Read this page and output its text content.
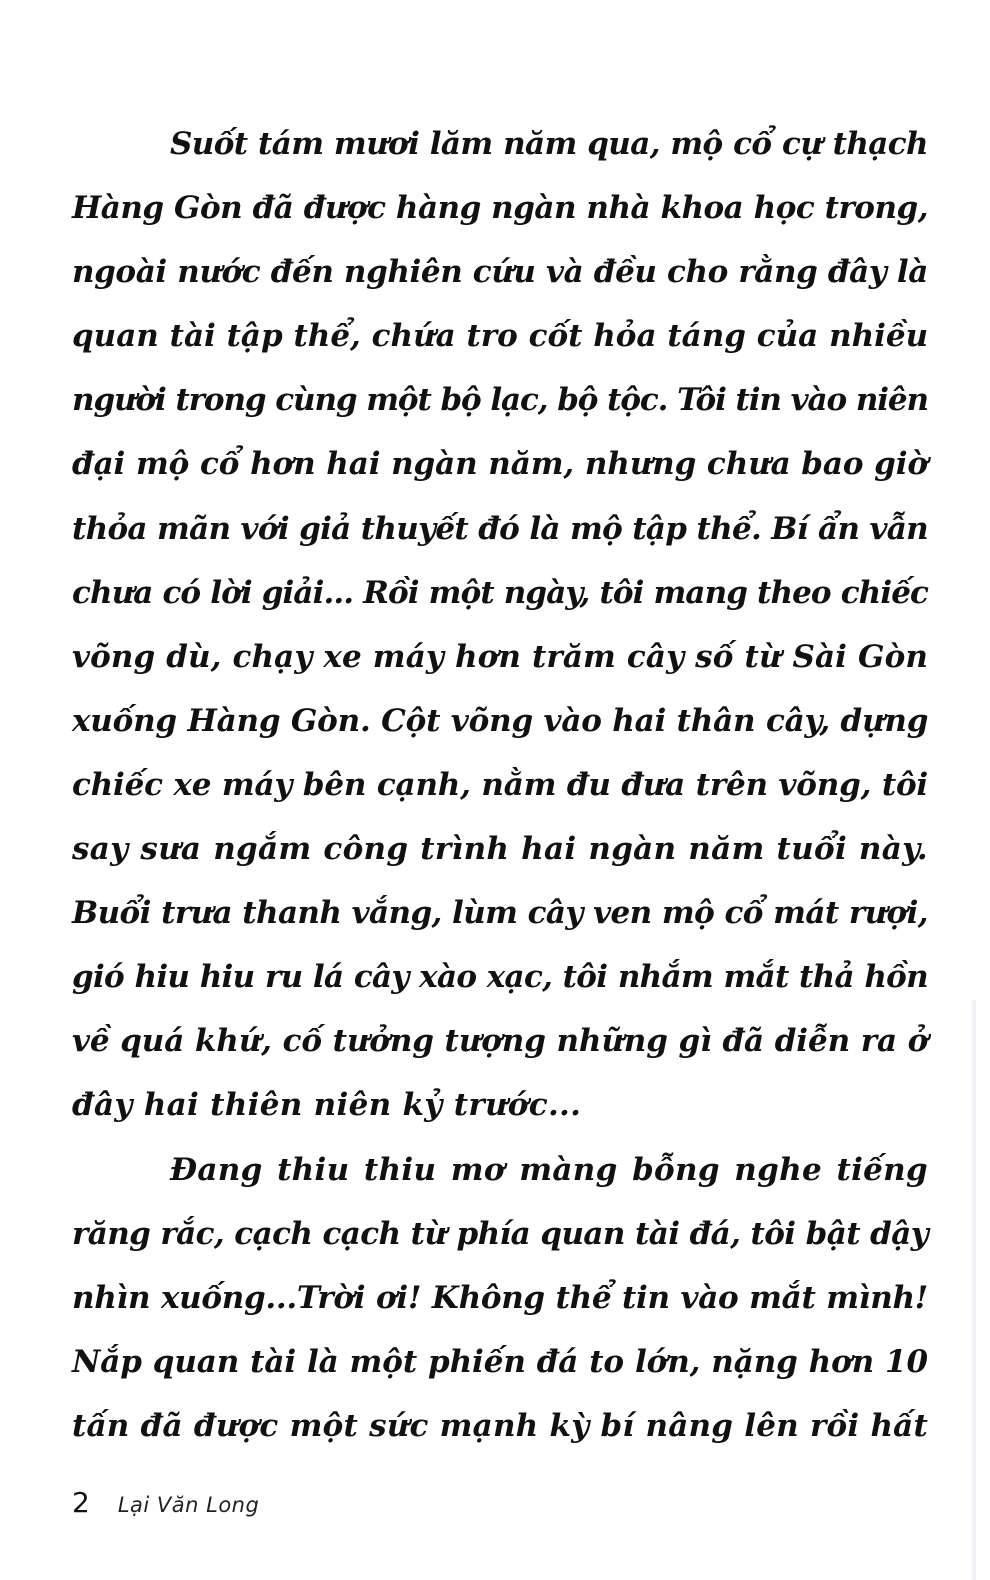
Suốt tám mươi lăm năm qua, mộ cổ cự thạch
Hàng Gòn đã được hàng ngàn nhà khoa học trong,
ngoài nước đến nghiên cứu và đều cho rằng đây là
quan tài tập thể, chứa tro cốt hỏa táng của nhiều
người trong cùng một bộ lạc, bộ tộc. Tôi tin vào niên
đại mộ cổ hơn hai ngàn năm, nhưng chưa bao giờ
thỏa mãn với giả thuyết đó là mộ tập thể. Bí ẩn vẫn
chưa có lời giải... Rồi một ngày, tôi mang theo chiếc
võng dù, chạy xe máy hơn trăm cây số từ Sài Gòn
xuống Hàng Gòn. Cột võng vào hai thân cây, dựng
chiếc xe máy bên cạnh, nằm đu đưa trên võng, tôi
say sưa ngắm công trình hai ngàn năm tuổi này.
Buổi trưa thanh vắng, lùm cây ven mộ cổ mát rượi,
gió hiu hiu ru lá cây xào xạc, tôi nhắm mắt thả hồn
về quá khứ, cố tưởng tượng những gì đã diễn ra ở
đây hai thiên niên kỷ trước...
Đang thiu thiu mơ màng bỗng nghe tiếng
răng rắc, cạch cạch từ phía quan tài đá, tôi bật dậy
nhìn xuống...Trời ơi! Không thể tin vào mắt mình!
Nắp quan tài là một phiến đá to lớn, nặng hơn 10
tấn đã được một sức mạnh kỳ bí nâng lên rồi hất
2 Lại Văn Long
